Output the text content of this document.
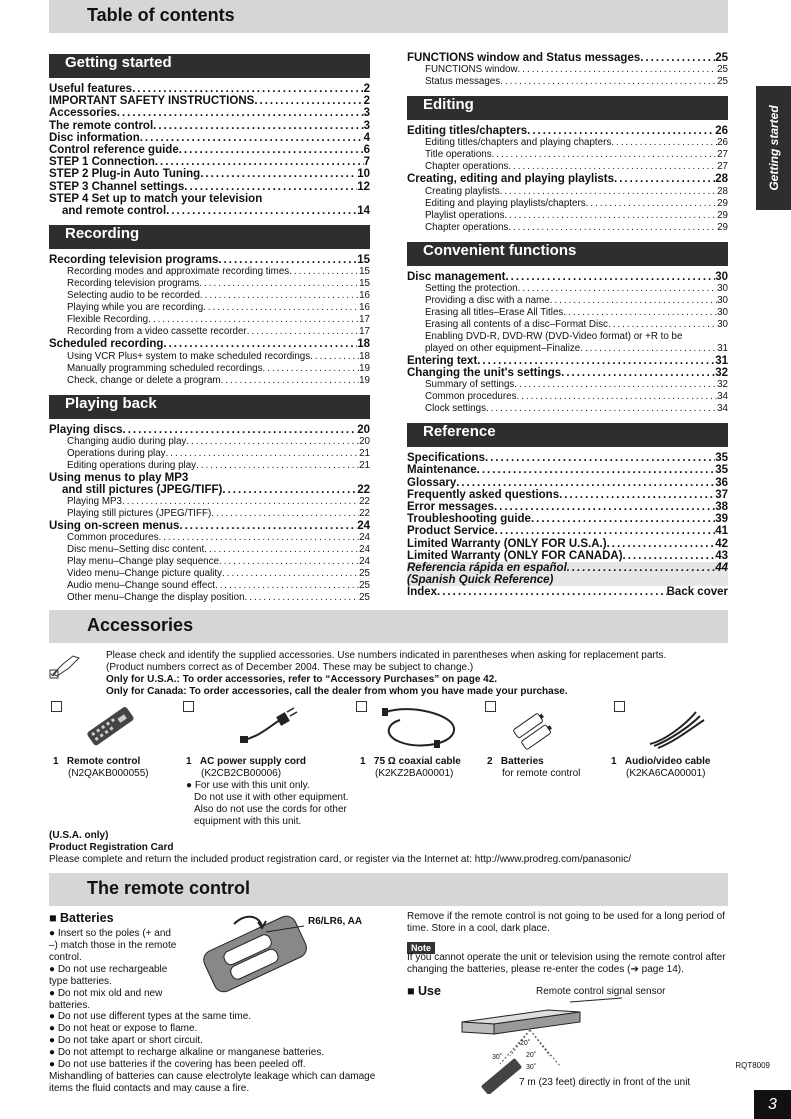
Table of contents
Getting started
Getting started
Useful features .....	2
IMPORTANT SAFETY INSTRUCTIONS .....	2
Accessories .....	3
The remote control .....	3
Disc information .....	4
Control reference guide .....	6
STEP 1 Connection .....	7
STEP 2 Plug-in Auto Tuning .....	10
STEP 3 Channel settings .....	12
STEP 4 Set up to match your television
and remote control .....	14
Recording
Recording television programs .....	15
Recording modes and approximate recording times .....	15
Recording television programs .....	15
Selecting audio to be recorded .....	16
Playing while you are recording .....	16
Flexible Recording .....	17
Recording from a video cassette recorder .....	17
Scheduled recording .....	18
Using VCR Plus+ system to make scheduled recordings .....	18
Manually programming scheduled recordings .....	19
Check, change or delete a program .....	19
Playing back
Playing discs .....	20
Changing audio during play .....	20
Operations during play .....	21
Editing operations during play .....	21
Using menus to play MP3
and still pictures (JPEG/TIFF) .....	22
Playing MP3 .....	22
Playing still pictures (JPEG/TIFF) .....	22
Using on-screen menus .....	24
Common procedures .....	24
Disc menu–Setting disc content .....	24
Play menu–Change play sequence .....	24
Video menu–Change picture quality .....	25
Audio menu–Change sound effect .....	25
Other menu–Change the display position .....	25
FUNCTIONS window and Status messages .....	25
FUNCTIONS window .....	25
Status messages .....	25
Editing
Editing titles/chapters .....	26
Editing titles/chapters and playing chapters .....	26
Title operations .....	27
Chapter operations .....	27
Creating, editing and playing playlists .....	28
Creating playlists .....	28
Editing and playing playlists/chapters .....	29
Playlist operations .....	29
Chapter operations .....	29
Convenient functions
Disc management .....	30
Setting the protection .....	30
Providing a disc with a name .....	30
Erasing all titles–Erase All Titles .....	30
Erasing all contents of a disc–Format Disc .....	30
Enabling DVD-R, DVD-RW (DVD-Video format) or +R to be
played on other equipment–Finalize .....	31
Entering text .....	31
Changing the unit's settings .....	32
Summary of settings .....	32
Common procedures .....	34
Clock settings .....	34
Reference
Specifications .....	35
Maintenance .....	35
Glossary .....	36
Frequently asked questions .....	37
Error messages .....	38
Troubleshooting guide .....	39
Product Service .....	41
Limited Warranty (ONLY FOR U.S.A.) .....	42
Limited Warranty (ONLY FOR CANADA) .....	43
Referencia rápida en español .....	44
(Spanish Quick Reference)
Index .....	Back cover
Accessories
Please check and identify the supplied accessories. Use numbers indicated in parentheses when asking for replacement parts.
(Product numbers correct as of December 2004. These may be subject to change.)
Only for U.S.A.: To order accessories, refer to “Accessory Purchases” on page 42.
Only for Canada: To order accessories, call the dealer from whom you have made your purchase.
1 Remote control
(N2QAKB000055)
1 AC power supply cord
(K2CB2CB00006)
● For use with this unit only.
Do not use it with other equipment.
Also do not use the cords for other
equipment with this unit.
1 75 Ω coaxial cable
(K2KZ2BA00001)
2 Batteries
for remote control
1 Audio/video cable
(K2KA6CA00001)
(U.S.A. only)
Product Registration Card
Please complete and return the included product registration card, or register via the Internet at: http://www.prodreg.com/panasonic/
The remote control
■ Batteries
● Insert so the poles (+ and –) match those in the remote control.
● Do not use rechargeable type batteries.
● Do not mix old and new batteries.
● Do not use different types at the same time.
● Do not heat or expose to flame.
● Do not take apart or short circuit.
● Do not attempt to recharge alkaline or manganese batteries.
● Do not use batteries if the covering has been peeled off.
Mishandling of batteries can cause electrolyte leakage which can damage items the fluid contacts and may cause a fire.
R6/LR6, AA	Remove if the remote control is not going to be used for a long period of time. Store in a cool, dark place.
Note
If you cannot operate the unit or television using the remote control after changing the batteries, please re-enter the codes (➔ page 14).
■ Use	Remote control signal sensor
20˚
20˚
30˚
30˚
7 m (23 feet) directly in front of the unit
RQT8009
3
